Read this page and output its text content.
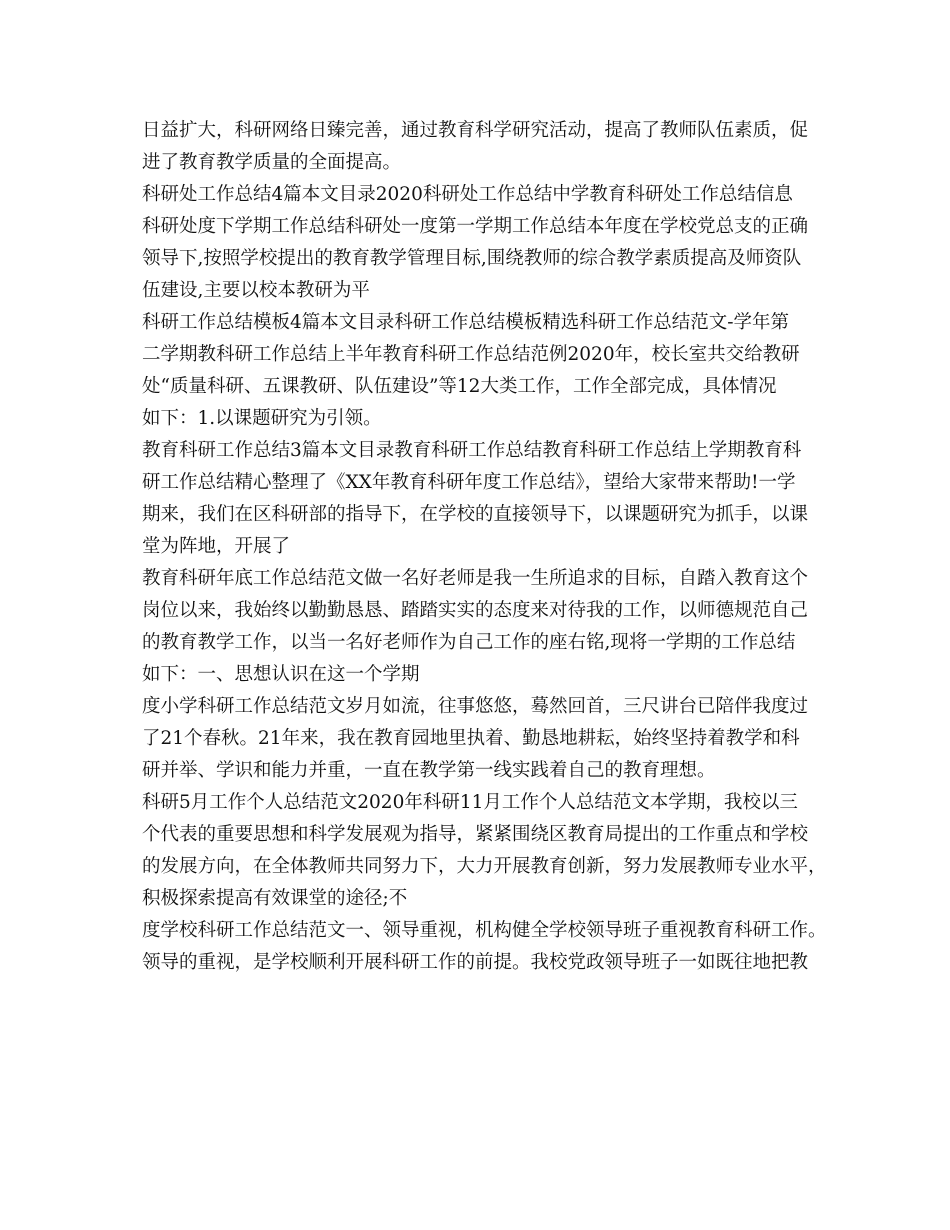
日益扩大，科研网络日臻完善，通过教育科学研究活动，提高了教师队伍素质，促
进了教育教学质量的全面提高。
科研处工作总结4篇本文目录2020科研处工作总结中学教育科研处工作总结信息
科研处度下学期工作总结科研处一度第一学期工作总结本年度在学校党总支的正确
领导下,按照学校提出的教育教学管理目标,围绕教师的综合教学素质提高及师资队
伍建设,主要以校本教研为平
科研工作总结模板4篇本文目录科研工作总结模板精选科研工作总结范文-学年第
二学期教科研工作总结上半年教育科研工作总结范例2020年，校长室共交给教研
处“质量科研、五课教研、队伍建设”等12大类工作，工作全部完成，具体情况
如下：1.以课题研究为引领。
教育科研工作总结3篇本文目录教育科研工作总结教育科研工作总结上学期教育科
研工作总结精心整理了《XX年教育科研年度工作总结》，望给大家带来帮助!一学
期来，我们在区科研部的指导下，在学校的直接领导下，以课题研究为抓手，以课
堂为阵地，开展了
教育科研年底工作总结范文做一名好老师是我一生所追求的目标，自踏入教育这个
岗位以来，我始终以勤勤恳恳、踏踏实实的态度来对待我的工作，以师德规范自己
的教育教学工作，以当一名好老师作为自己工作的座右铭,现将一学期的工作总结
如下：一、思想认识在这一个学期
度小学科研工作总结范文岁月如流，往事悠悠，蓦然回首，三尺讲台已陪伴我度过
了21个春秋。21年来，我在教育园地里执着、勤恳地耕耘，始终坚持着教学和科
研并举、学识和能力并重，一直在教学第一线实践着自己的教育理想。
科研5月工作个人总结范文2020年科研11月工作个人总结范文本学期，我校以三
个代表的重要思想和科学发展观为指导，紧紧围绕区教育局提出的工作重点和学校
的发展方向，在全体教师共同努力下，大力开展教育创新，努力发展教师专业水平，
积极探索提高有效课堂的途径;不
度学校科研工作总结范文一、领导重视，机构健全学校领导班子重视教育科研工作。
领导的重视，是学校顺利开展科研工作的前提。我校党政领导班子一如既往地把教
